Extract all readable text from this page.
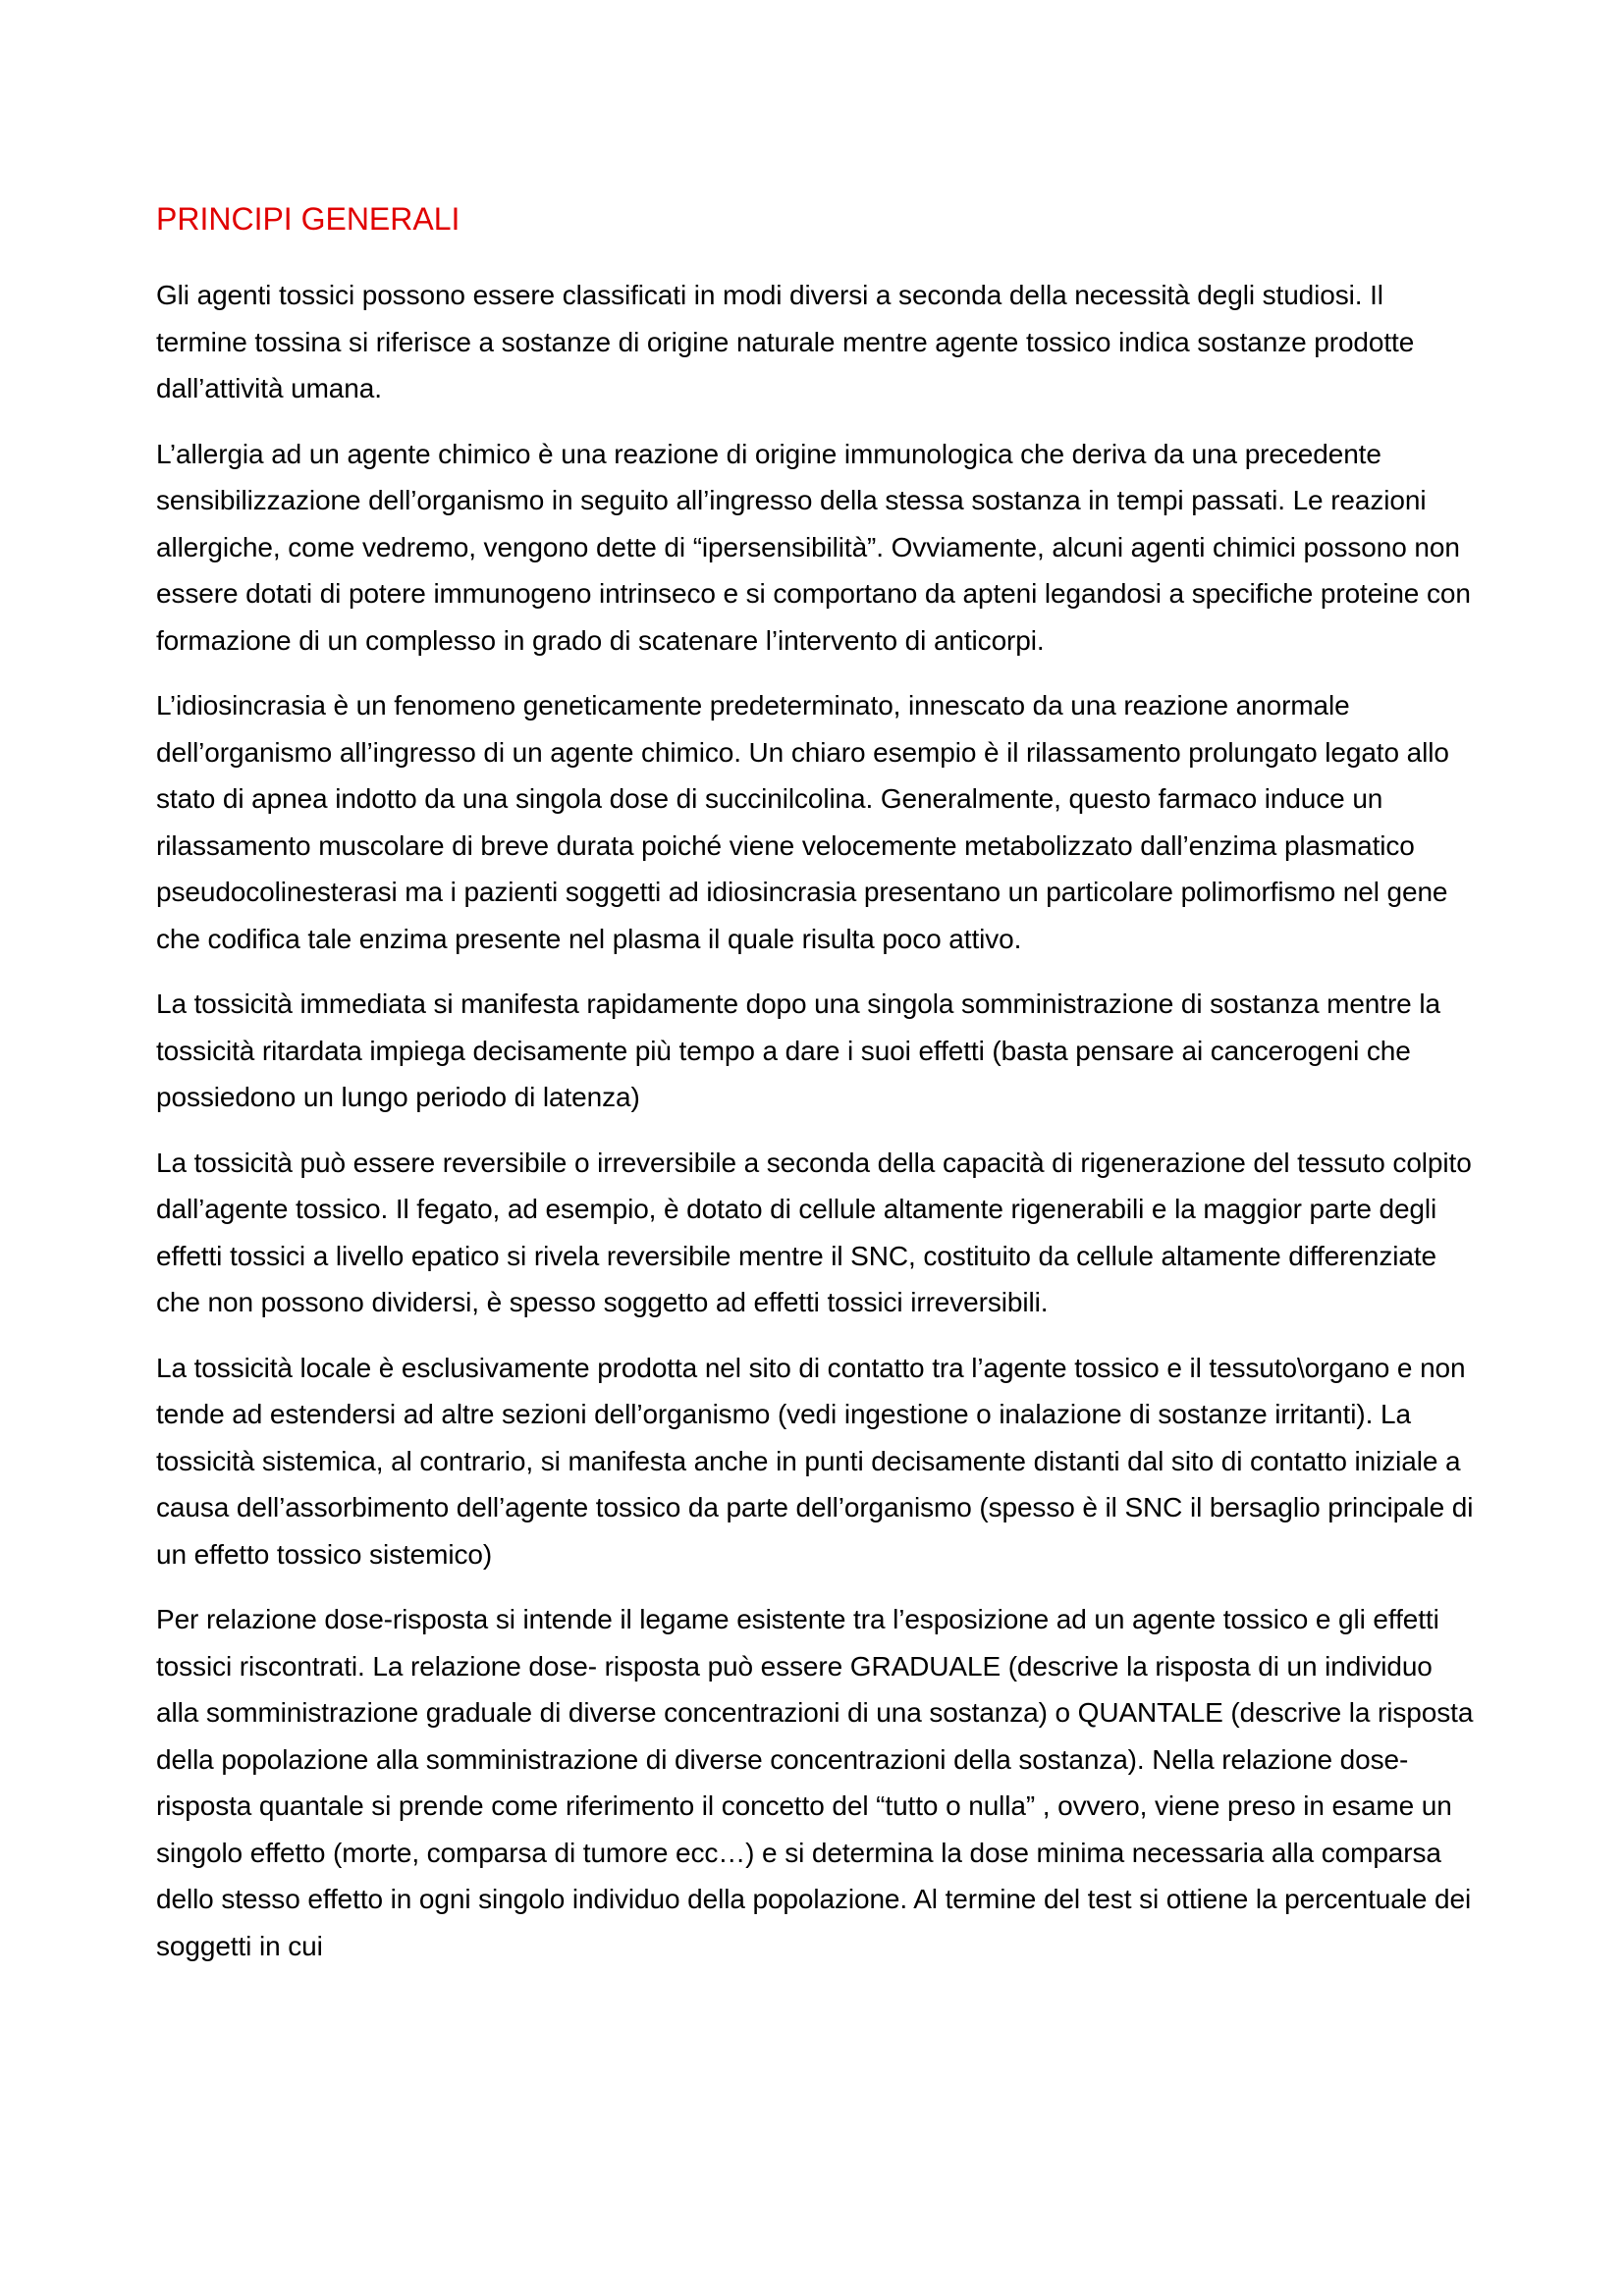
PRINCIPI GENERALI

Gli agenti tossici possono essere classificati in modi diversi a seconda della necessità degli studiosi. Il termine tossina si riferisce a sostanze di origine naturale mentre agente tossico indica sostanze prodotte dall’attività umana.

L’allergia ad un agente chimico è una reazione di origine immunologica che deriva da una precedente sensibilizzazione dell’organismo in seguito all’ingresso della stessa sostanza in tempi passati. Le reazioni allergiche, come vedremo, vengono dette di “ipersensibilità”. Ovviamente, alcuni agenti chimici possono non essere dotati di potere immunogeno intrinseco e si comportano da apteni legandosi a specifiche proteine con formazione di un complesso in grado di scatenare l’intervento di anticorpi.

L’idiosincrasia è un fenomeno geneticamente predeterminato, innescato da una reazione anormale dell’organismo all’ingresso di un agente chimico. Un chiaro esempio è il rilassamento prolungato legato allo stato di apnea indotto da una singola dose di succinilcolina. Generalmente, questo farmaco induce un rilassamento muscolare di breve durata poiché viene velocemente metabolizzato dall’enzima plasmatico pseudocolinesterasi ma i pazienti soggetti ad idiosincrasia presentano un particolare polimorfismo nel gene che codifica tale enzima presente nel plasma il quale risulta poco attivo.

La tossicità immediata si manifesta rapidamente dopo una singola somministrazione di sostanza mentre la tossicità ritardata impiega decisamente più tempo a dare i suoi effetti (basta pensare ai cancerogeni che possiedono un lungo periodo di latenza)

La tossicità può essere reversibile o irreversibile a seconda della capacità di rigenerazione del tessuto colpito dall’agente tossico. Il fegato, ad esempio, è dotato di cellule altamente rigenerabili e la maggior parte degli effetti tossici a livello epatico si rivela reversibile mentre il SNC, costituito da cellule altamente differenziate che non possono dividersi, è spesso soggetto ad effetti tossici irreversibili.

La tossicità locale è esclusivamente prodotta nel sito di contatto tra l’agente tossico e il tessuto\organo e non tende ad estendersi ad altre sezioni dell’organismo (vedi ingestione o inalazione di sostanze irritanti). La tossicità sistemica, al contrario, si manifesta anche in punti decisamente distanti dal sito di contatto iniziale a causa dell’assorbimento dell’agente tossico da parte dell’organismo (spesso è il SNC il bersaglio principale di un effetto tossico sistemico)

Per relazione dose-risposta si intende il legame esistente tra l’esposizione ad un agente tossico e gli effetti tossici riscontrati. La relazione dose- risposta può essere GRADUALE (descrive la risposta di un individuo alla somministrazione graduale di diverse concentrazioni di una sostanza) o QUANTALE (descrive la risposta della popolazione alla somministrazione di diverse concentrazioni della sostanza). Nella relazione dose-risposta quantale si prende come riferimento il concetto del “tutto o nulla” , ovvero, viene preso in esame un singolo effetto (morte, comparsa di tumore ecc…) e si determina la dose minima necessaria alla comparsa dello stesso effetto in ogni singolo individuo della popolazione. Al termine del test si ottiene la percentuale dei soggetti in cui
